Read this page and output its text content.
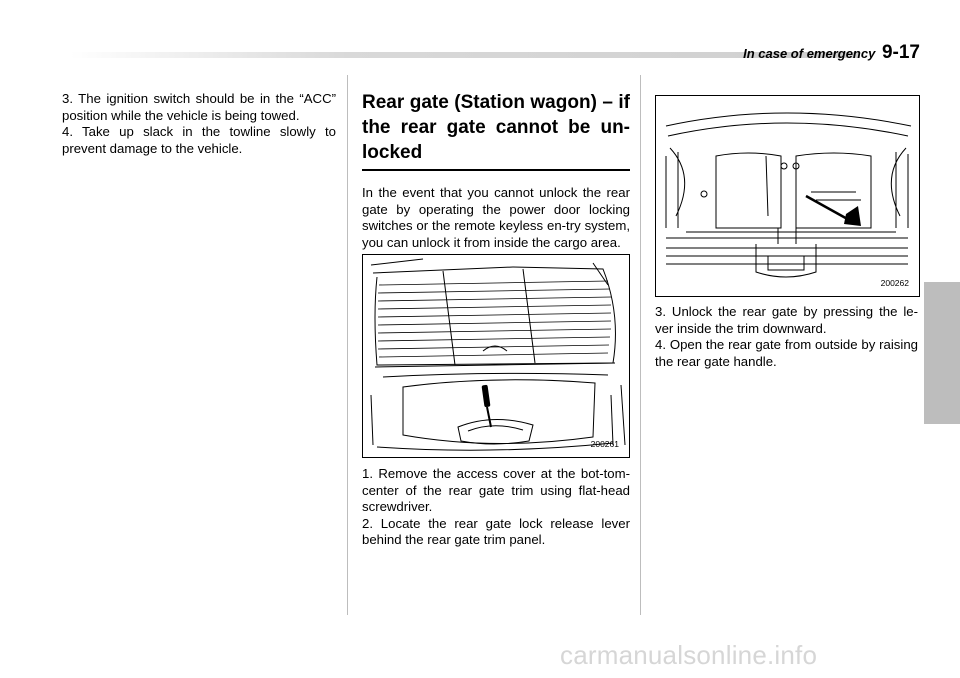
In case of emergency 9-17

3. The ignition switch should be in the “ACC” position while the vehicle is being towed.

4. Take up slack in the towline slowly to prevent damage to the vehicle.

Rear gate (Station wagon) – if the rear gate cannot be un-locked

In the event that you cannot unlock the rear gate by operating the power door locking switches or the remote keyless en-try system, you can unlock it from inside the cargo area.

200261

1. Remove the access cover at the bot-tom-center of the rear gate trim using flat-head screwdriver.

2. Locate the rear gate lock release lever behind the rear gate trim panel.

200262

3. Unlock the rear gate by pressing the le-ver inside the trim downward.

4. Open the rear gate from outside by raising the rear gate handle.

carmanualsonline.info
